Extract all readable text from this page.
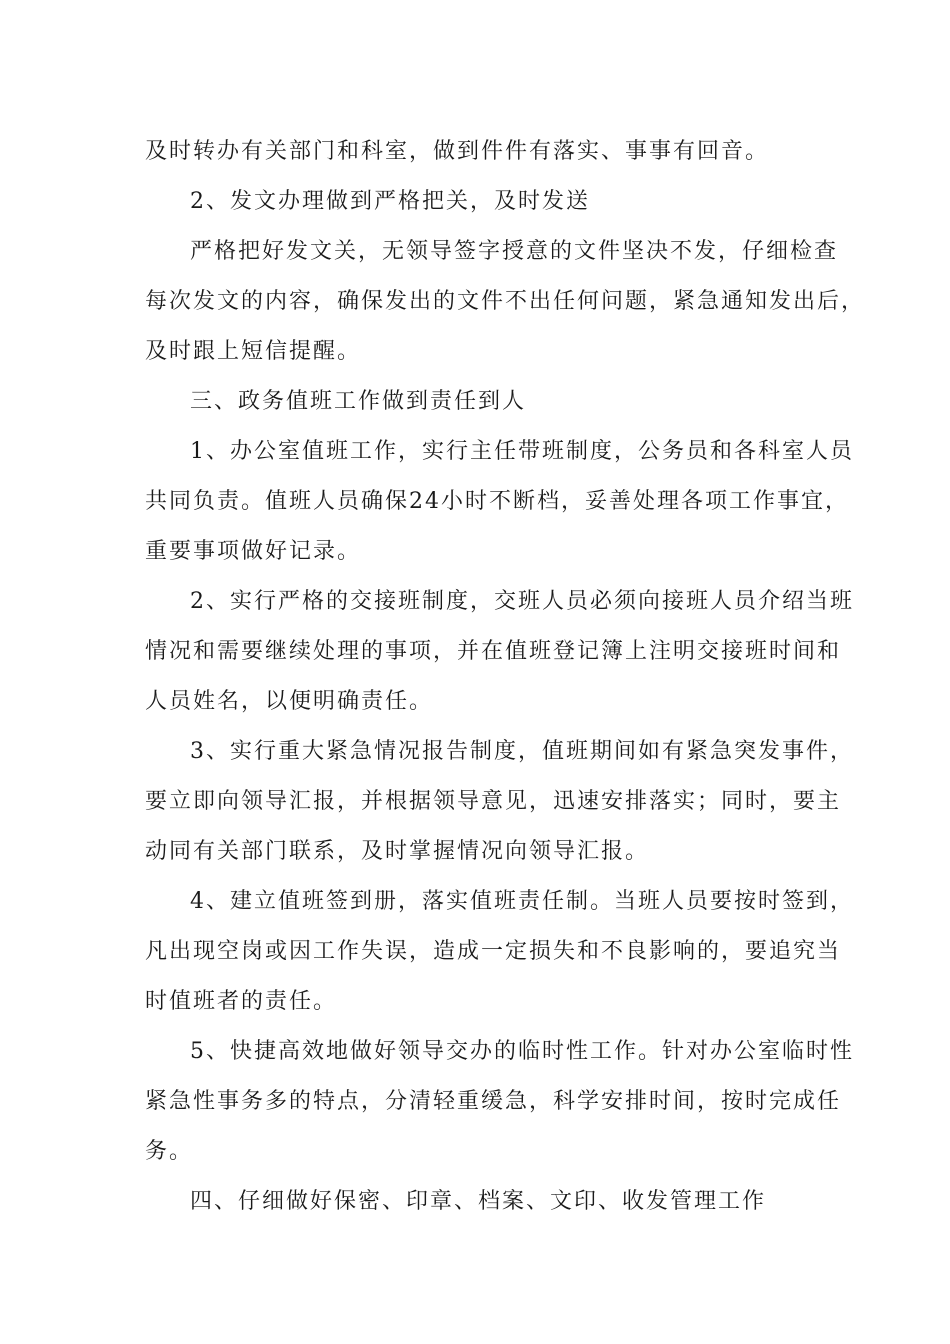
及时转办有关部门和科室，做到件件有落实、事事有回音。
2、发文办理做到严格把关，及时发送
严格把好发文关，无领导签字授意的文件坚决不发，仔细检查
每次发文的内容，确保发出的文件不出任何问题，紧急通知发出后，
及时跟上短信提醒。
三、政务值班工作做到责任到人
1、办公室值班工作，实行主任带班制度，公务员和各科室人员
共同负责。值班人员确保24小时不断档，妥善处理各项工作事宜，
重要事项做好记录。
2、实行严格的交接班制度，交班人员必须向接班人员介绍当班
情况和需要继续处理的事项，并在值班登记簿上注明交接班时间和
人员姓名，以便明确责任。
3、实行重大紧急情况报告制度，值班期间如有紧急突发事件，
要立即向领导汇报，并根据领导意见，迅速安排落实；同时，要主
动同有关部门联系，及时掌握情况向领导汇报。
4、建立值班签到册，落实值班责任制。当班人员要按时签到，
凡出现空岗或因工作失误，造成一定损失和不良影响的，要追究当
时值班者的责任。
5、快捷高效地做好领导交办的临时性工作。针对办公室临时性
紧急性事务多的特点，分清轻重缓急，科学安排时间，按时完成任
务。
四、仔细做好保密、印章、档案、文印、收发管理工作
